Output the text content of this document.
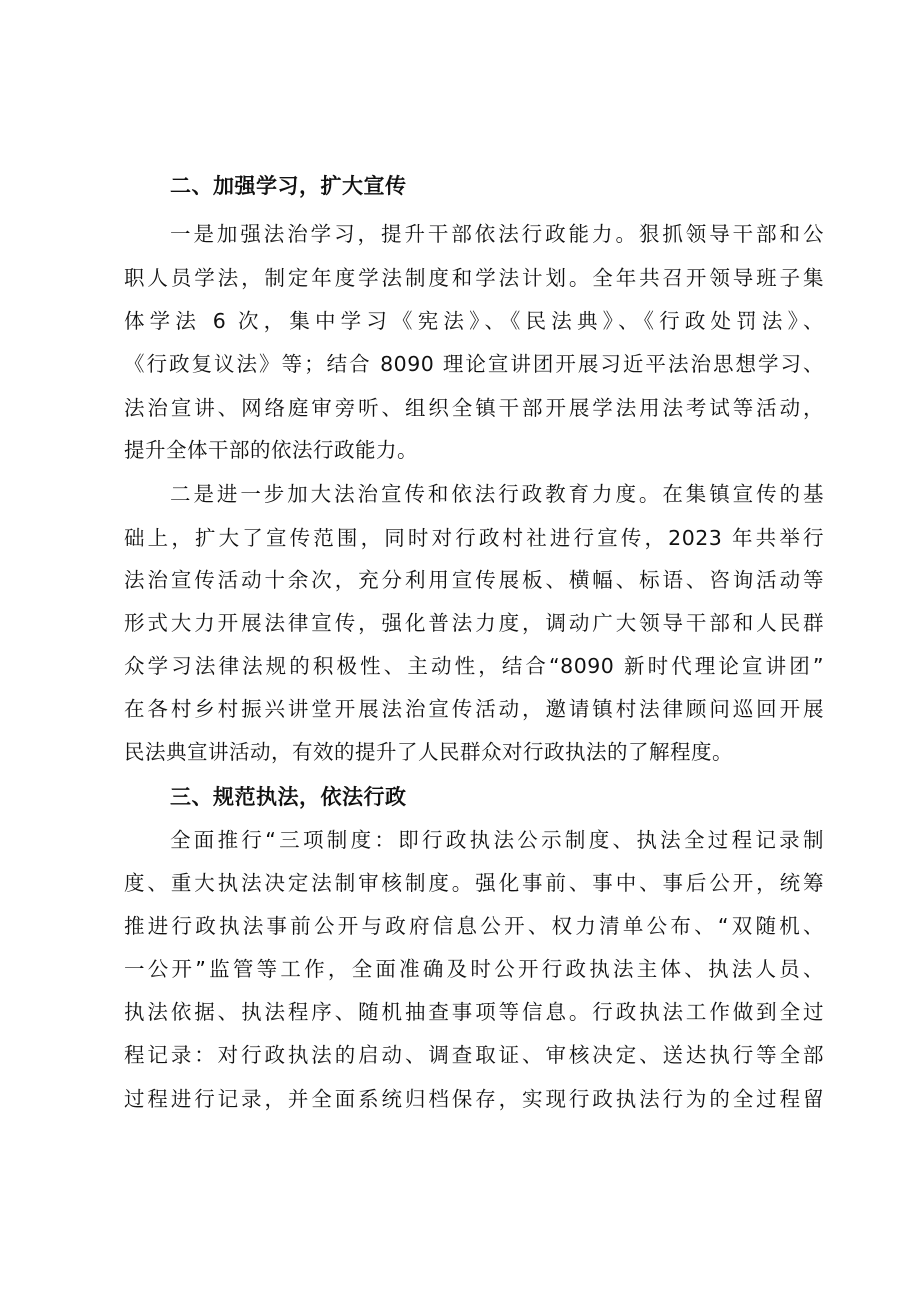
二、加强学习，扩大宣传
一是加强法治学习，提升干部依法行政能力。狠抓领导干部和公
职人员学法，制定年度学法制度和学法计划。全年共召开领导班子集
体学法 6 次，集中学习《宪法》、《民法典》、《行政处罚法》、
《行政复议法》等；结合 8090 理论宣讲团开展习近平法治思想学习、
法治宣讲、网络庭审旁听、组织全镇干部开展学法用法考试等活动，
提升全体干部的依法行政能力。
二是进一步加大法治宣传和依法行政教育力度。在集镇宣传的基
础上，扩大了宣传范围，同时对行政村社进行宣传，2023 年共举行
法治宣传活动十余次，充分利用宣传展板、横幅、标语、咨询活动等
形式大力开展法律宣传，强化普法力度，调动广大领导干部和人民群
众学习法律法规的积极性、主动性，结合“8090 新时代理论宣讲团”
在各村乡村振兴讲堂开展法治宣传活动，邀请镇村法律顾问巡回开展
民法典宣讲活动，有效的提升了人民群众对行政执法的了解程度。
三、规范执法，依法行政
全面推行“三项制度：即行政执法公示制度、执法全过程记录制
度、重大执法决定法制审核制度。强化事前、事中、事后公开，统筹
推进行政执法事前公开与政府信息公开、权力清单公布、“双随机、
一公开”监管等工作，全面准确及时公开行政执法主体、执法人员、
执法依据、执法程序、随机抽查事项等信息。行政执法工作做到全过
程记录：对行政执法的启动、调查取证、审核决定、送达执行等全部
过程进行记录，并全面系统归档保存，实现行政执法行为的全过程留
